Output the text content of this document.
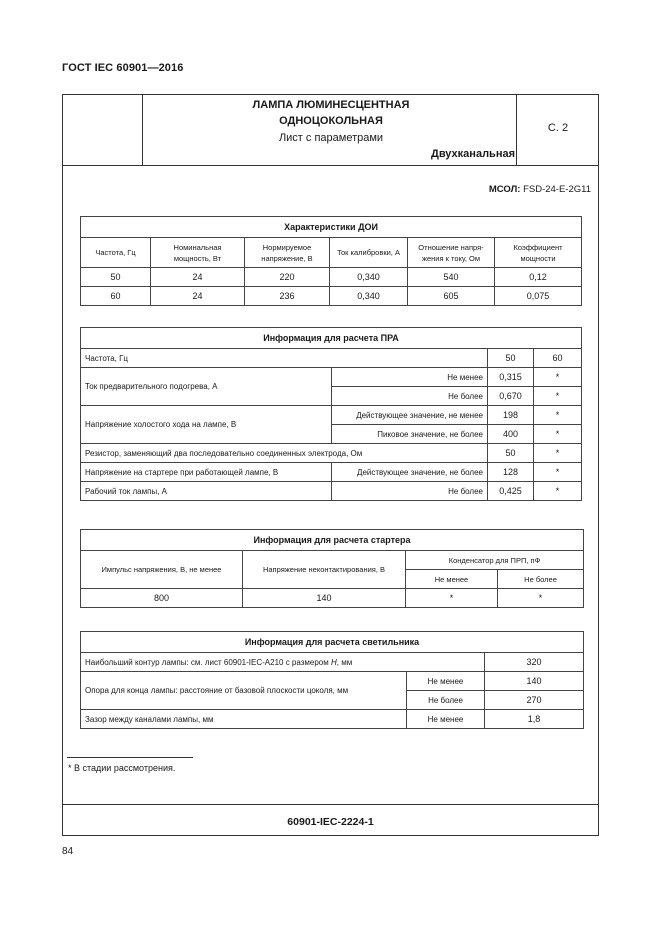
ГОСТ IEC 60901—2016
ЛАМПА ЛЮМИНЕСЦЕНТНАЯ
ОДНОЦОКОЛЬНАЯ
Лист с параметрами
Двухканальная
С. 2
МСОЛ: FSD-24-E-2G11
Характеристики ДОИ					
Частота, Гц	Номинальная мощность, Вт	Нормируемое напряжение, В	Ток калибровки, А	Отношение напря-жения к току, Ом	Коэффициент мощности
50	24	220	0,340	540	0,12
60	24	236	0,340	605	0,075
Информация для расчета ПРА			
Частота, Гц		50	60
Ток предварительного подогрева, А	Не менее	0,315	*
	Не более	0,670	*
Напряжение холостого хода на лампе, В	Действующее значение, не менее	198	*
	Пиковое значение, не более	400	*
Резистор, заменяющий два последовательно соединенных электрода, Ом		50	*
Напряжение на стартере при работающей лампе, В	Действующее значение, не более	128	*
Рабочий ток лампы, А	Не более	0,425	*
Информация для расчета стартера			
Импульс напряжения, В, не менее	Напряжение неконтактирования, В	Конденсатор для ПРП, пФ	
		Не менее	Не более
800	140	*	*
Информация для расчета светильника		
Наибольший контур лампы: см. лист 60901-IEC-A210 с размером H, мм		320
Опора для конца лампы: расстояние от базовой плоскости цоколя, мм	Не менее	140
	Не более	270
Зазор между каналами лампы, мм	Не менее	1,8
* В стадии рассмотрения.
60901-IEC-2224-1
84
